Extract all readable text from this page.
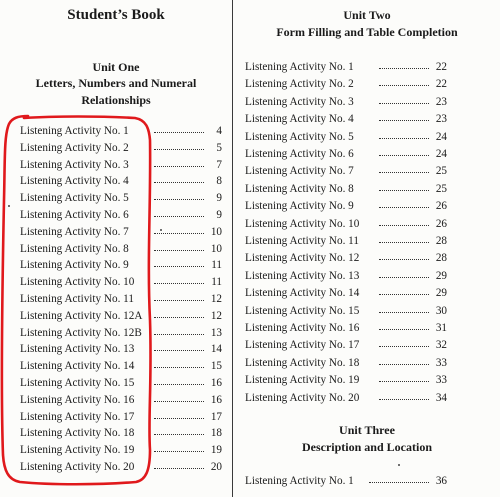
Student’s Book
Unit One
Letters, Numbers and Numeral
Relationships
Listening Activity No. 1	4
Listening Activity No. 2	5
Listening Activity No. 3	7
Listening Activity No. 4	8
Listening Activity No. 5	9
Listening Activity No. 6	9
Listening Activity No. 7	10
Listening Activity No. 8	10
Listening Activity No. 9	11
Listening Activity No. 10	11
Listening Activity No. 11	12
Listening Activity No. 12A	12
Listening Activity No. 12B	13
Listening Activity No. 13	14
Listening Activity No. 14	15
Listening Activity No. 15	16
Listening Activity No. 16	16
Listening Activity No. 17	17
Listening Activity No. 18	18
Listening Activity No. 19	19
Listening Activity No. 20	20
Unit Two
Form Filling and Table Completion
Listening Activity No. 1	22
Listening Activity No. 2	22
Listening Activity No. 3	23
Listening Activity No. 4	23
Listening Activity No. 5	24
Listening Activity No. 6	24
Listening Activity No. 7	25
Listening Activity No. 8	25
Listening Activity No. 9	26
Listening Activity No. 10	26
Listening Activity No. 11	28
Listening Activity No. 12	28
Listening Activity No. 13	29
Listening Activity No. 14	29
Listening Activity No. 15	30
Listening Activity No. 16	31
Listening Activity No. 17	32
Listening Activity No. 18	33
Listening Activity No. 19	33
Listening Activity No. 20	34
Unit Three
Description and Location
Listening Activity No. 1	36
